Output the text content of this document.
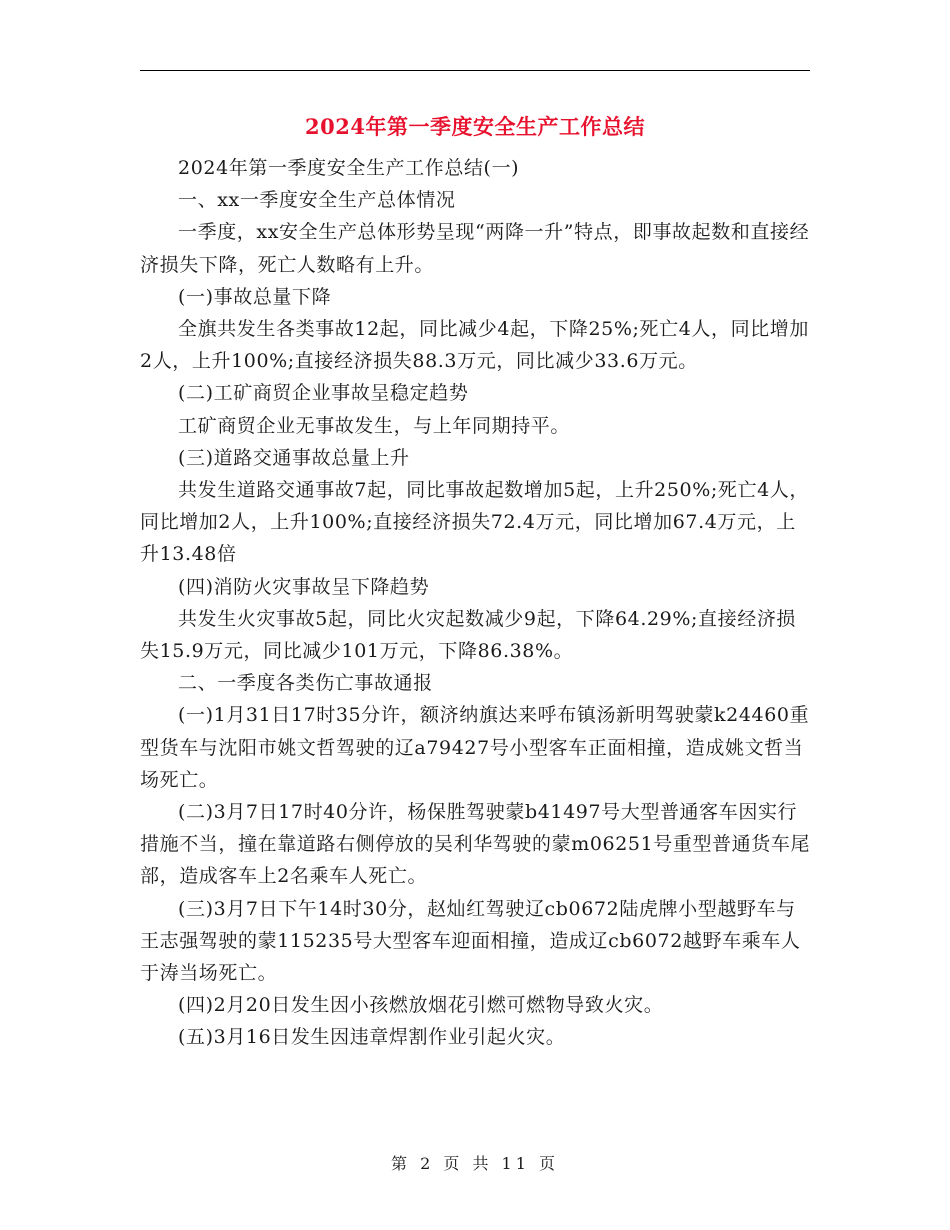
2024年第一季度安全生产工作总结

2024年第一季度安全生产工作总结(一)

一、xx一季度安全生产总体情况

一季度，xx安全生产总体形势呈现“两降一升”特点，即事故起数和直接经济损失下降，死亡人数略有上升。

(一)事故总量下降

全旗共发生各类事故12起，同比减少4起，下降25%;死亡4人，同比增加2人，上升100%;直接经济损失88.3万元，同比减少33.6万元。

(二)工矿商贸企业事故呈稳定趋势

工矿商贸企业无事故发生，与上年同期持平。

(三)道路交通事故总量上升

共发生道路交通事故7起，同比事故起数增加5起，上升250%;死亡4人，同比增加2人，上升100%;直接经济损失72.4万元，同比增加67.4万元，上升13.48倍

(四)消防火灾事故呈下降趋势

共发生火灾事故5起，同比火灾起数减少9起，下降64.29%;直接经济损失15.9万元，同比减少101万元，下降86.38%。

二、一季度各类伤亡事故通报

(一)1月31日17时35分许，额济纳旗达来呼布镇汤新明驾驶蒙k24460重型货车与沈阳市姚文哲驾驶的辽a79427号小型客车正面相撞，造成姚文哲当场死亡。

(二)3月7日17时40分许，杨保胜驾驶蒙b41497号大型普通客车因实行措施不当，撞在靠道路右侧停放的吴利华驾驶的蒙m06251号重型普通货车尾部，造成客车上2名乘车人死亡。

(三)3月7日下午14时30分，赵灿红驾驶辽cb0672陆虎牌小型越野车与王志强驾驶的蒙115235号大型客车迎面相撞，造成辽cb6072越野车乘车人于涛当场死亡。

(四)2月20日发生因小孩燃放烟花引燃可燃物导致火灾。

(五)3月16日发生因违章焊割作业引起火灾。

第 2 页 共 11 页
